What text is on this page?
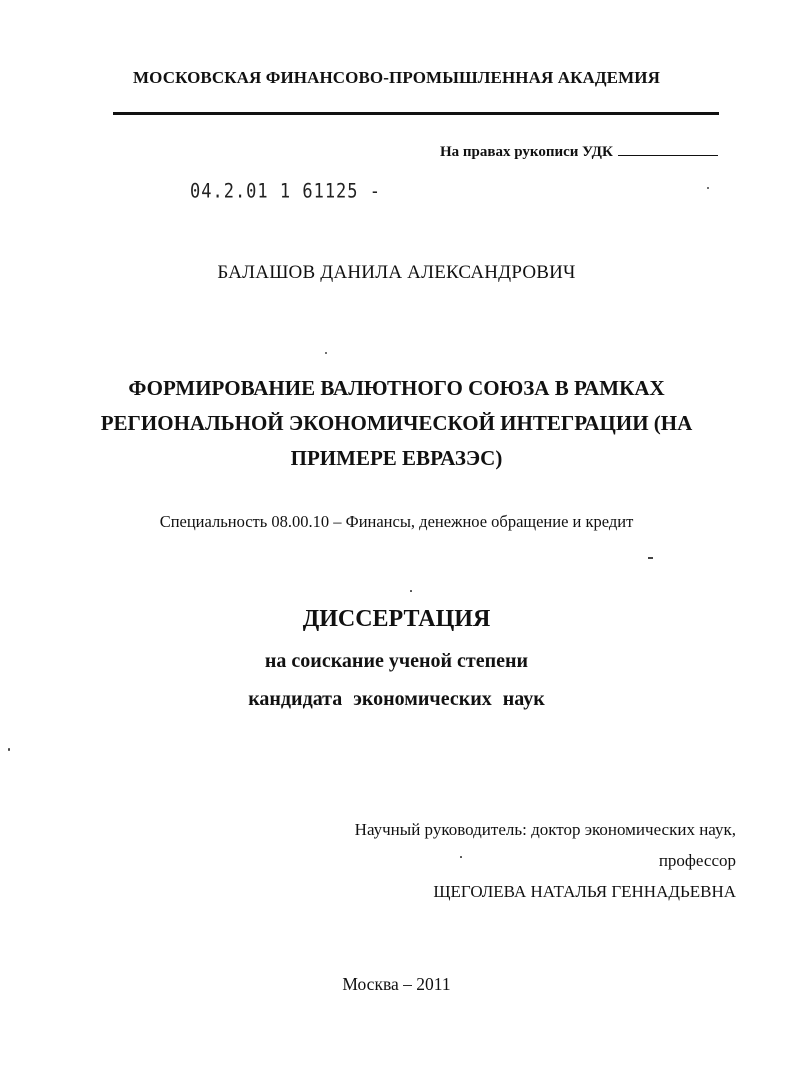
МОСКОВСКАЯ ФИНАНСОВО-ПРОМЫШЛЕННАЯ АКАДЕМИЯ
На правах рукописи УДК
04.2.01 1 61125 -
БАЛАШОВ ДАНИЛА АЛЕКСАНДРОВИЧ
ФОРМИРОВАНИЕ ВАЛЮТНОГО СОЮЗА В РАМКАХ
РЕГИОНАЛЬНОЙ ЭКОНОМИЧЕСКОЙ ИНТЕГРАЦИИ (НА
ПРИМЕРЕ ЕВРАЗЭС)
Специальность 08.00.10 – Финансы, денежное обращение и кредит
ДИССЕРТАЦИЯ
на соискание ученой степени
кандидата экономических наук
Научный руководитель: доктор экономических наук,
профессор
ЩЕГОЛЕВА НАТАЛЬЯ ГЕННАДЬЕВНА
Москва – 2011
